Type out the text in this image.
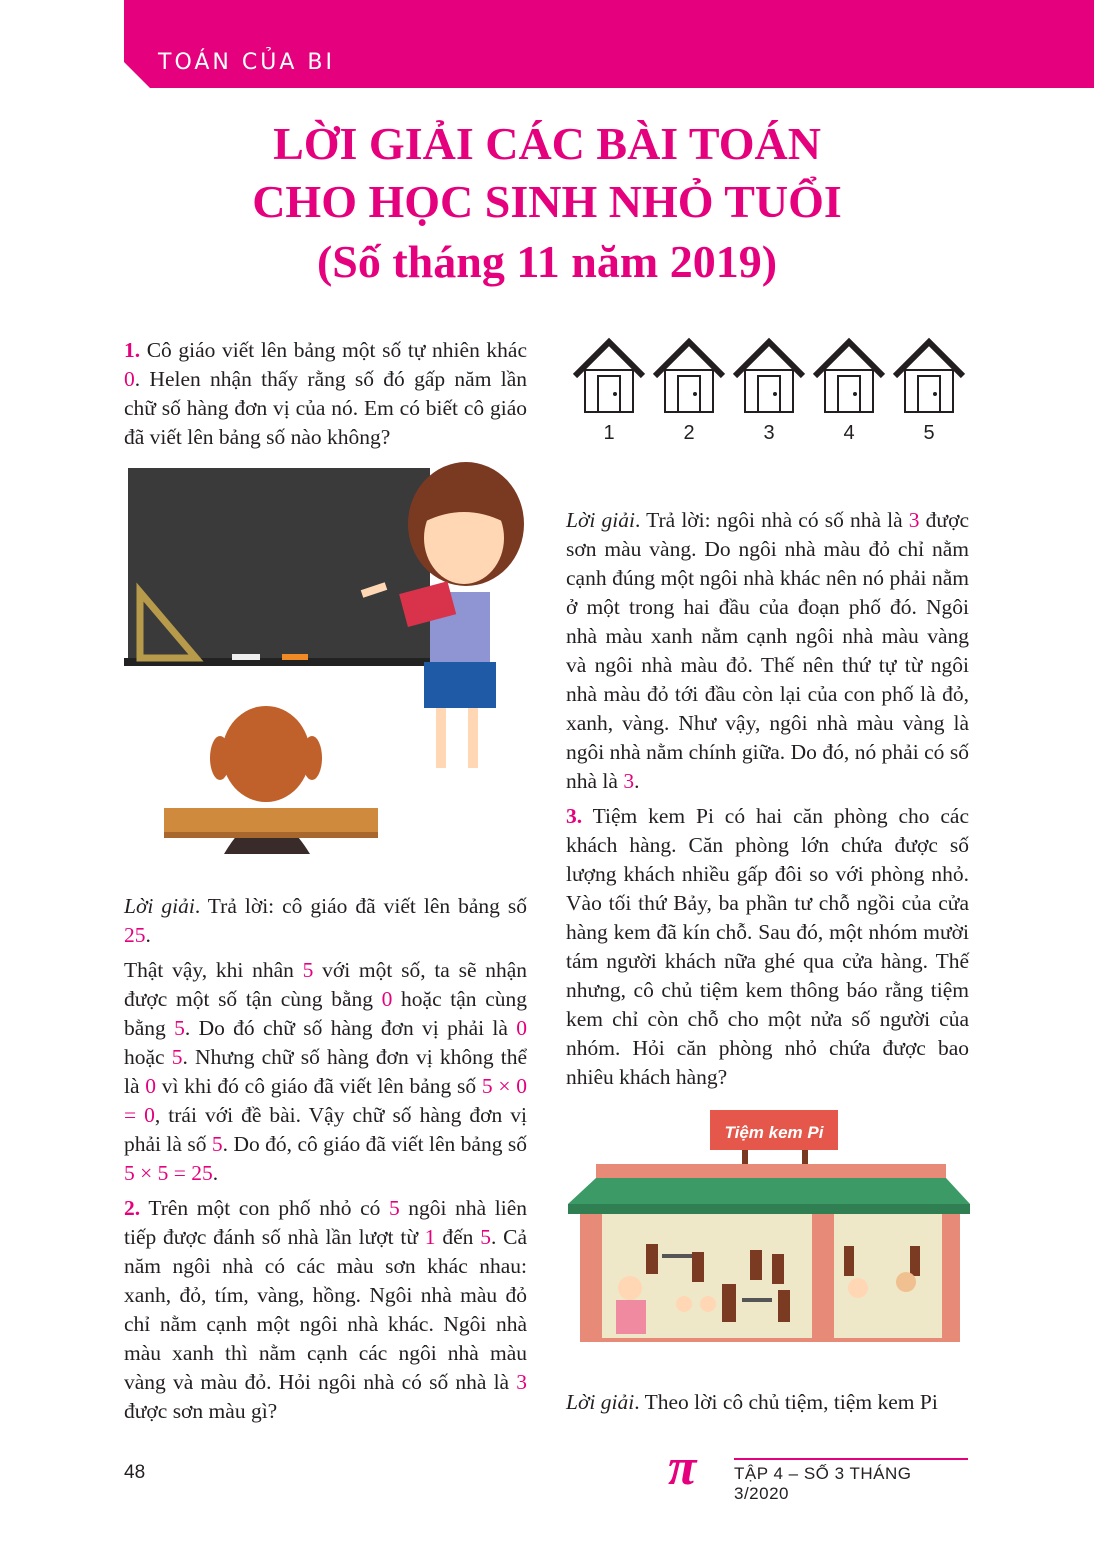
TOÁN CỦA BI
LỜI GIẢI CÁC BÀI TOÁN
CHO HỌC SINH NHỎ TUỔI
(Số tháng 11 năm 2019)

1. Cô giáo viết lên bảng một số tự nhiên khác 0. Helen nhận thấy rằng số đó gấp năm lần chữ số hàng đơn vị của nó. Em có biết cô giáo đã viết lên bảng số nào không?

Lời giải. Trả lời: cô giáo đã viết lên bảng số 25.

Thật vậy, khi nhân 5 với một số, ta sẽ nhận được một số tận cùng bằng 0 hoặc tận cùng bằng 5. Do đó chữ số hàng đơn vị phải là 0 hoặc 5. Nhưng chữ số hàng đơn vị không thể là 0 vì khi đó cô giáo đã viết lên bảng số 5 × 0 = 0, trái với đề bài. Vậy chữ số hàng đơn vị phải là số 5. Do đó, cô giáo đã viết lên bảng số 5 × 5 = 25.

2. Trên một con phố nhỏ có 5 ngôi nhà liên tiếp được đánh số nhà lần lượt từ 1 đến 5. Cả năm ngôi nhà có các màu sơn khác nhau: xanh, đỏ, tím, vàng, hồng. Ngôi nhà màu đỏ chỉ nằm cạnh một ngôi nhà khác. Ngôi nhà màu xanh thì nằm cạnh các ngôi nhà màu vàng và màu đỏ. Hỏi ngôi nhà có số nhà là 3 được sơn màu gì?

1	2	3	4	5

Lời giải. Trả lời: ngôi nhà có số nhà là 3 được sơn màu vàng. Do ngôi nhà màu đỏ chỉ nằm cạnh đúng một ngôi nhà khác nên nó phải nằm ở một trong hai đầu của đoạn phố đó. Ngôi nhà màu xanh nằm cạnh ngôi nhà màu vàng và ngôi nhà màu đỏ. Thế nên thứ tự từ ngôi nhà màu đỏ tới đầu còn lại của con phố là đỏ, xanh, vàng. Như vậy, ngôi nhà màu vàng là ngôi nhà nằm chính giữa. Do đó, nó phải có số nhà là 3.

3. Tiệm kem Pi có hai căn phòng cho các khách hàng. Căn phòng lớn chứa được số lượng khách nhiều gấp đôi so với phòng nhỏ. Vào tối thứ Bảy, ba phần tư chỗ ngồi của cửa hàng kem đã kín chỗ. Sau đó, một nhóm mười tám người khách nữa ghé qua cửa hàng. Thế nhưng, cô chủ tiệm kem thông báo rằng tiệm kem chỉ còn chỗ cho một nửa số người của nhóm. Hỏi căn phòng nhỏ chứa được bao nhiêu khách hàng?

Tiệm kem Pi

Lời giải. Theo lời cô chủ tiệm, tiệm kem Pi

48	π TẬP 4 – SỐ 3 THÁNG 3/2020
